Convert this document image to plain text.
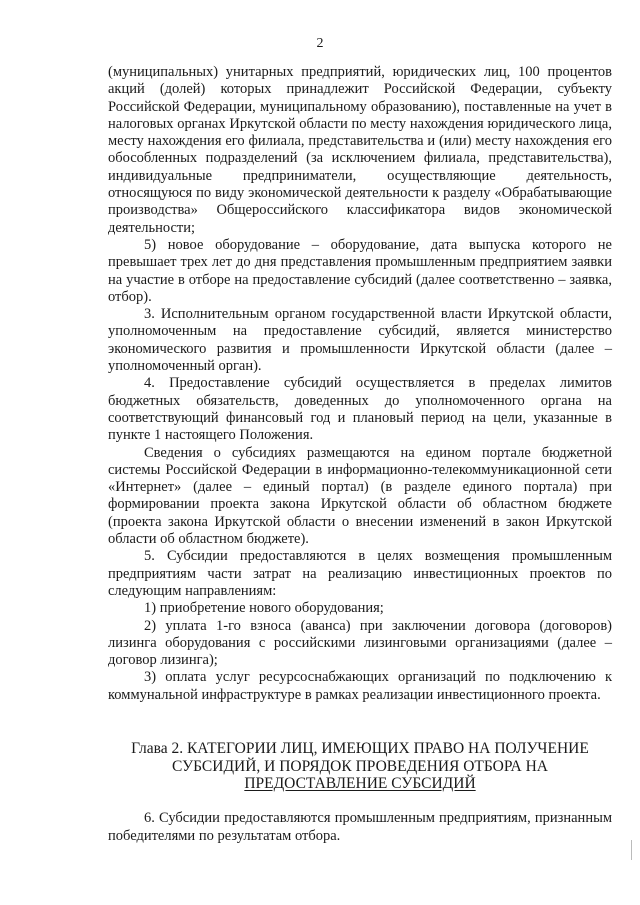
2

(муниципальных) унитарных предприятий, юридических лиц, 100 процентов акций (долей) которых принадлежит Российской Федерации, субъекту Российской Федерации, муниципальному образованию), поставленные на учет в налоговых органах Иркутской области по месту нахождения юридического лица, месту нахождения его филиала, представительства и (или) месту нахождения его обособленных подразделений (за исключением филиала, представительства), индивидуальные предприниматели, осуществляющие деятельность, относящуюся по виду экономической деятельности к разделу «Обрабатывающие производства» Общероссийского классификатора видов экономической деятельности;

5) новое оборудование – оборудование, дата выпуска которого не превышает трех лет до дня представления промышленным предприятием заявки на участие в отборе на предоставление субсидий (далее соответственно – заявка, отбор).

3. Исполнительным органом государственной власти Иркутской области, уполномоченным на предоставление субсидий, является министерство экономического развития и промышленности Иркутской области (далее – уполномоченный орган).

4. Предоставление субсидий осуществляется в пределах лимитов бюджетных обязательств, доведенных до уполномоченного органа на соответствующий финансовый год и плановый период на цели, указанные в пункте 1 настоящего Положения.

Сведения о субсидиях размещаются на едином портале бюджетной системы Российской Федерации в информационно-телекоммуникационной сети «Интернет» (далее – единый портал) (в разделе единого портала) при формировании проекта закона Иркутской области об областном бюджете (проекта закона Иркутской области о внесении изменений в закон Иркутской области об областном бюджете).

5. Субсидии предоставляются в целях возмещения промышленным предприятиям части затрат на реализацию инвестиционных проектов по следующим направлениям:

1) приобретение нового оборудования;

2) уплата 1-го взноса (аванса) при заключении договора (договоров) лизинга оборудования с российскими лизинговыми организациями (далее – договор лизинга);

3) оплата услуг ресурсоснабжающих организаций по подключению к коммунальной инфраструктуре в рамках реализации инвестиционного проекта.

Глава 2. КАТЕГОРИИ ЛИЦ, ИМЕЮЩИХ ПРАВО НА ПОЛУЧЕНИЕ
СУБСИДИЙ, И ПОРЯДОК ПРОВЕДЕНИЯ ОТБОРА НА
ПРЕДОСТАВЛЕНИЕ СУБСИДИЙ

6. Субсидии предоставляются промышленным предприятиям, признанным победителями по результатам отбора.
